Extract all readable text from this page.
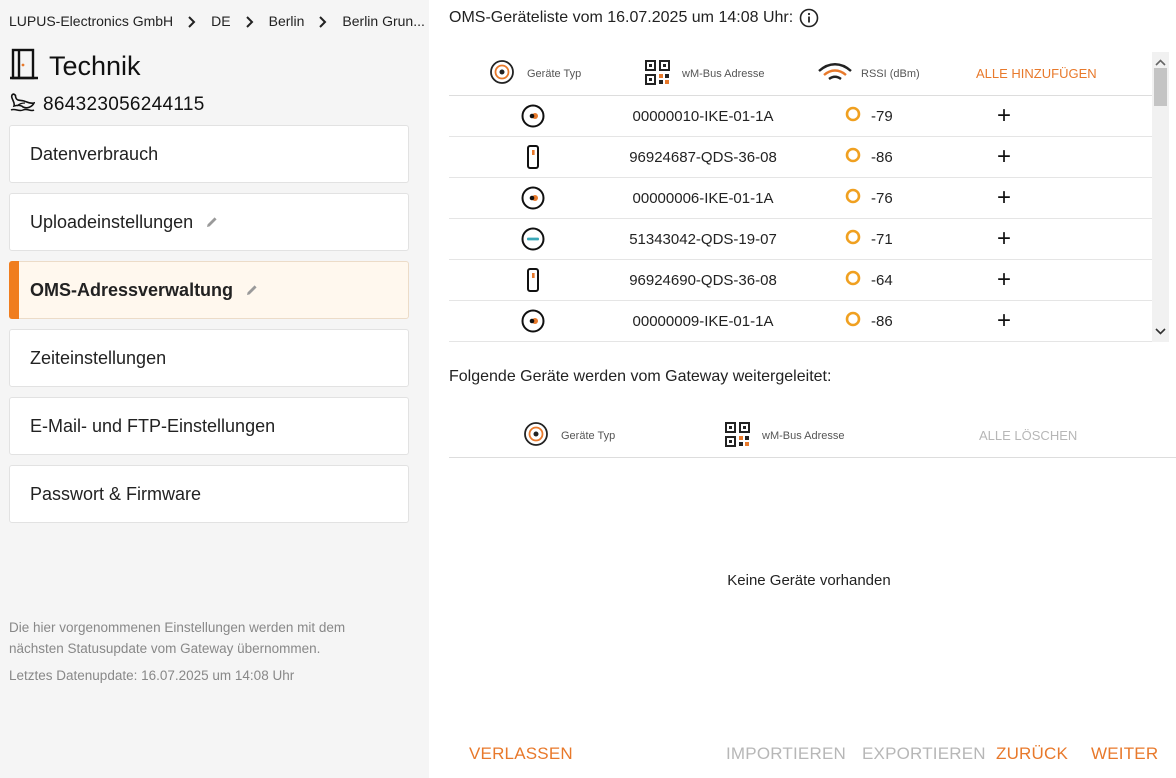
LUPUS-Electronics GmbH	DE	Berlin	Berlin Grun...
Technik
864323056244115
Datenverbrauch
Uploadeinstellungen
OMS-Adressverwaltung
Zeiteinstellungen
E-Mail- und FTP-Einstellungen
Passwort & Firmware
Die hier vorgenommenen Einstellungen werden mit dem nächsten Statusupdate vom Gateway übernommen.
Letztes Datenupdate: 16.07.2025 um 14:08 Uhr
OMS-Geräteliste vom 16.07.2025 um 14:08 Uhr:
Geräte Typ	wM-Bus Adresse	RSSI (dBm)	ALLE HINZUFÜGEN
00000010-IKE-01-1A	-79	+
96924687-QDS-36-08	-86	+
00000006-IKE-01-1A	-76	+
51343042-QDS-19-07	-71	+
96924690-QDS-36-08	-64	+
00000009-IKE-01-1A	-86	+
Folgende Geräte werden vom Gateway weitergeleitet:
Geräte Typ	wM-Bus Adresse	ALLE LÖSCHEN
Keine Geräte vorhanden
VERLASSEN	IMPORTIEREN EXPORTIEREN ZURÜCK WEITER
